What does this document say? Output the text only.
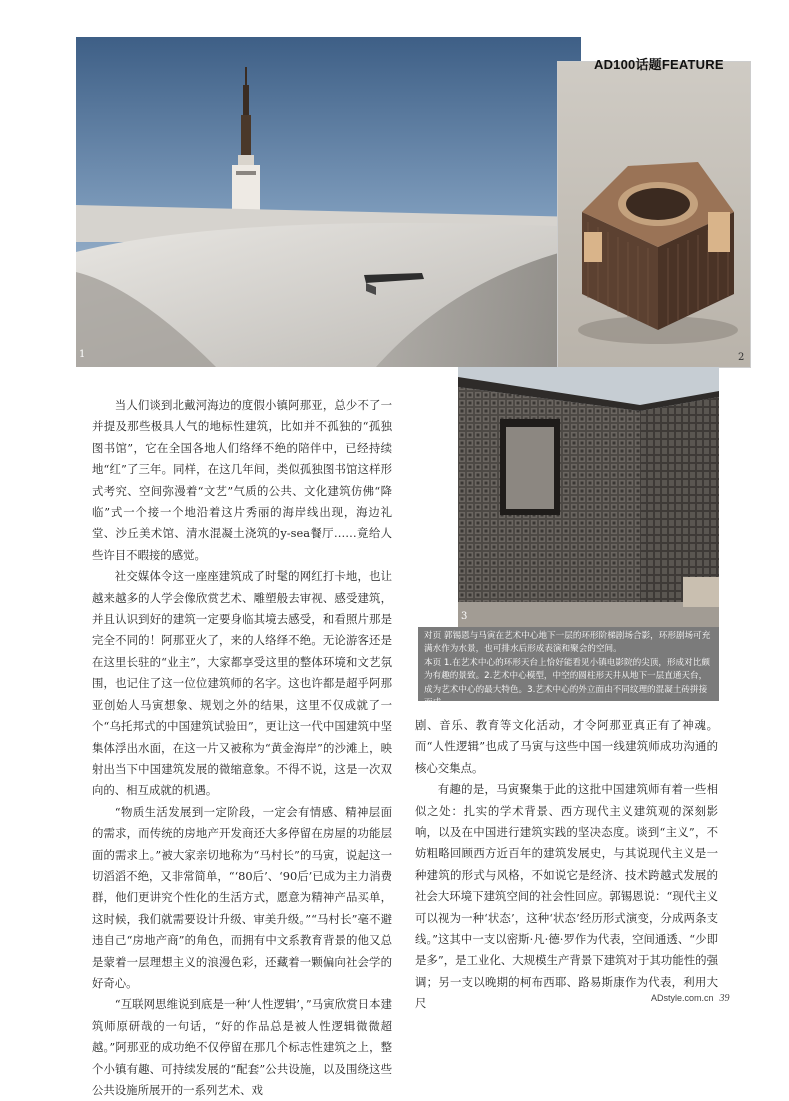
1	2
AD100话题FEATURE
3
对页 郭锡恩与马寅在艺术中心地下一层的环形阶梯剧场合影，环形剧场可充满水作为水景，也可排水后形成表演和聚会的空间。
本页 1.在艺术中心的环形天台上恰好能看见小镇电影院的尖顶，形成对比颇为有趣的景致。2.艺术中心模型，中空的圆柱形天井从地下一层直通天台，成为艺术中心的最大特色。3.艺术中心的外立面由不同纹理的混凝土砖拼接而成。

当人们谈到北戴河海边的度假小镇阿那亚，总少不了一并提及那些极具人气的地标性建筑，比如并不孤独的“孤独图书馆”，它在全国各地人们络绎不绝的陪伴中，已经持续地“红”了三年。同样，在这几年间，类似孤独图书馆这样形式考究、空间弥漫着“文艺”气质的公共、文化建筑仿佛“降临”式一个接一个地沿着这片秀丽的海岸线出现，海边礼堂、沙丘美术馆、清水混凝土浇筑的y-sea餐厅……竟给人些许目不暇接的感觉。

社交媒体令这一座座建筑成了时髦的网红打卡地，也让越来越多的人学会像欣赏艺术、雕塑般去审视、感受建筑，并且认识到好的建筑一定要身临其境去感受，和看照片那是完全不同的！阿那亚火了，来的人络绎不绝。无论游客还是在这里长驻的“业主”，大家都享受这里的整体环境和文艺氛围，也记住了这一位位建筑师的名字。这也许都是超乎阿那亚创始人马寅想象、规划之外的结果，这里不仅成就了一个“乌托邦式的中国建筑试验田”，更让这一代中国建筑中坚集体浮出水面，在这一片又被称为“黄金海岸”的沙滩上，映射出当下中国建筑发展的微缩意象。不得不说，这是一次双向的、相互成就的机遇。

“物质生活发展到一定阶段，一定会有情感、精神层面的需求，而传统的房地产开发商还大多停留在房屋的功能层面的需求上。”被大家亲切地称为“马村长”的马寅，说起这一切滔滔不绝，又非常简单，“‘80后’、‘90后’已成为主力消费群，他们更讲究个性化的生活方式，愿意为精神产品买单，这时候，我们就需要设计升级、审美升级。”“马村长”毫不避违自己“房地产商”的角色，而拥有中文系教育背景的他又总是蒙着一层理想主义的浪漫色彩，还藏着一颗偏向社会学的好奇心。

“互联网思维说到底是一种‘人性逻辑’，”马寅欣赏日本建筑师原研哉的一句话，“好的作品总是被人性逻辑微微超越。”阿那亚的成功绝不仅停留在那几个标志性建筑之上，整个小镇有趣、可持续发展的“配套”公共设施，以及围绕这些公共设施所展开的一系列艺术、戏

剧、音乐、教育等文化活动，才令阿那亚真正有了神魂。而“人性逻辑”也成了马寅与这些中国一线建筑师成功沟通的核心交集点。

有趣的是，马寅聚集于此的这批中国建筑师有着一些相似之处：扎实的学术背景、西方现代主义建筑观的深刻影响，以及在中国进行建筑实践的坚决态度。谈到“主义”，不妨粗略回顾西方近百年的建筑发展史，与其说现代主义是一种建筑的形式与风格，不如说它是经济、技术跨越式发展的社会大环境下建筑空间的社会性回应。郭锡恩说：“现代主义可以视为一种‘状态’，这种‘状态’经历形式演变，分成两条支线。”这其中一支以密斯·凡·德·罗作为代表，空间通透、“少即是多”，是工业化、大规模生产背景下建筑对于其功能性的强调；另一支以晚期的柯布西耶、路易斯康作为代表，利用大尺	ADstyle.com.cn 39
